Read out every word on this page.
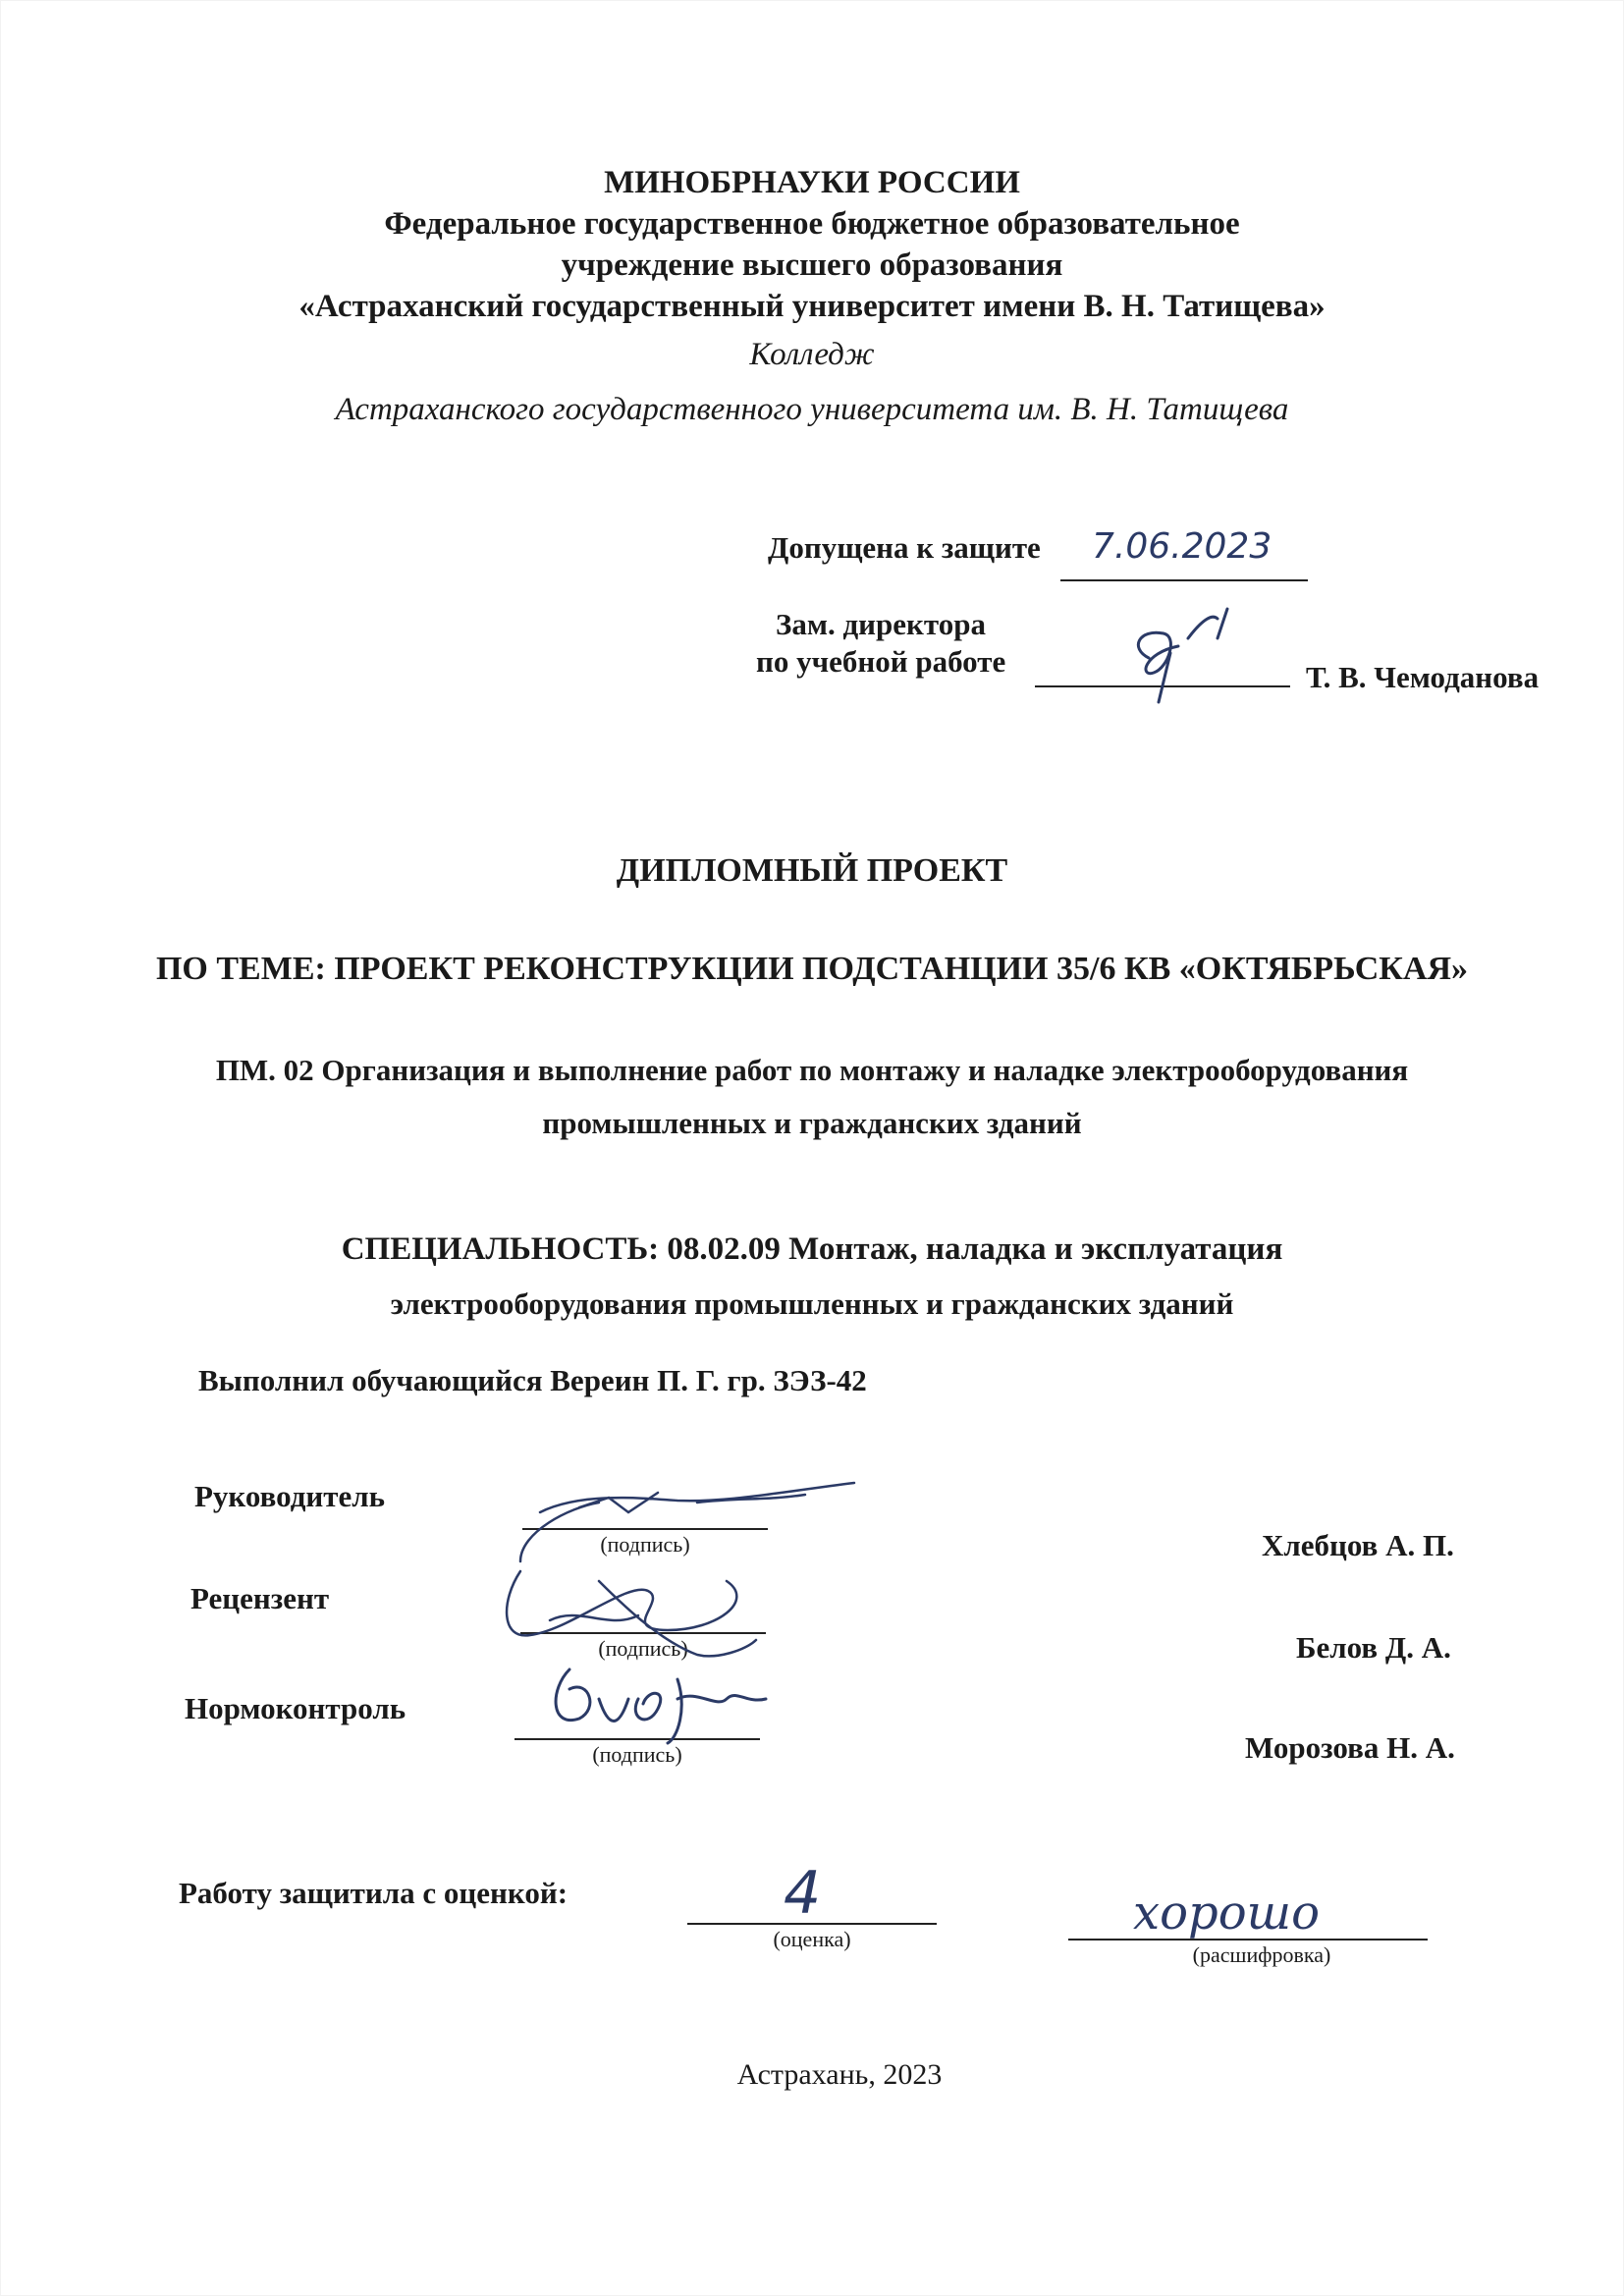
МИНОБРНАУКИ РОССИИ
Федеральное государственное бюджетное образовательное
учреждение высшего образования
«Астраханский государственный университет имени В. Н. Татищева»
Колледж
Астраханского государственного университета им. В. Н. Татищева
Допущена к защите 7.06.2023
Зам. директора
по учебной работе	Т. В. Чемоданова
ДИПЛОМНЫЙ ПРОЕКТ
ПО ТЕМЕ: ПРОЕКТ РЕКОНСТРУКЦИИ ПОДСТАНЦИИ 35/6 КВ «ОКТЯБРЬСКАЯ»
ПМ. 02 Организация и выполнение работ по монтажу и наладке электрооборудования
промышленных и гражданских зданий
СПЕЦИАЛЬНОСТЬ: 08.02.09 Монтаж, наладка и эксплуатация
электрооборудования промышленных и гражданских зданий
Выполнил обучающийся Вереин П. Г. гр. ЗЭЗ-42
Руководитель
(подпись)	Хлебцов А. П.
Рецензент
(подпись)	Белов Д. А.
Нормоконтроль
(подпись)	Морозова Н. А.
Работу защитила с оценкой:
(оценка)
4
(расшифровка)
хорошо
Астрахань, 2023
